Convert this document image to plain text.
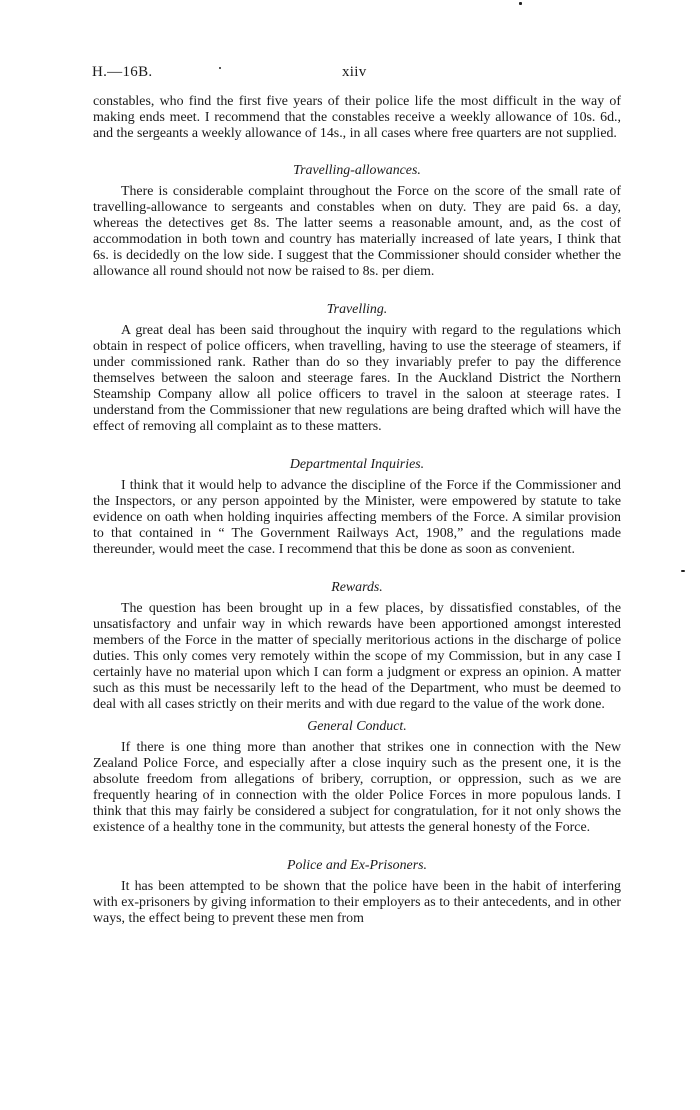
H.—16B.	xiiv

constables, who find the first five years of their police life the most difficult in the way of making ends meet. I recommend that the constables receive a weekly allowance of 10s. 6d., and the sergeants a weekly allowance of 14s., in all cases where free quarters are not supplied.

Travelling-allowances.

There is considerable complaint throughout the Force on the score of the small rate of travelling-allowance to sergeants and constables when on duty. They are paid 6s. a day, whereas the detectives get 8s. The latter seems a reasonable amount, and, as the cost of accommodation in both town and country has materially increased of late years, I think that 6s. is decidedly on the low side. I suggest that the Commissioner should consider whether the allowance all round should not now be raised to 8s. per diem.

Travelling.

A great deal has been said throughout the inquiry with regard to the regulations which obtain in respect of police officers, when travelling, having to use the steerage of steamers, if under commissioned rank. Rather than do so they invariably prefer to pay the difference themselves between the saloon and steerage fares. In the Auckland District the Northern Steamship Company allow all police officers to travel in the saloon at steerage rates. I understand from the Commissioner that new regulations are being drafted which will have the effect of removing all complaint as to these matters.

Departmental Inquiries.

I think that it would help to advance the discipline of the Force if the Commissioner and the Inspectors, or any person appointed by the Minister, were empowered by statute to take evidence on oath when holding inquiries affecting members of the Force. A similar provision to that contained in “ The Government Railways Act, 1908,” and the regulations made thereunder, would meet the case. I recommend that this be done as soon as convenient.

Rewards.

The question has been brought up in a few places, by dissatisfied constables, of the unsatisfactory and unfair way in which rewards have been apportioned amongst interested members of the Force in the matter of specially meritorious actions in the discharge of police duties. This only comes very remotely within the scope of my Commission, but in any case I certainly have no material upon which I can form a judgment or express an opinion. A matter such as this must be necessarily left to the head of the Department, who must be deemed to deal with all cases strictly on their merits and with due regard to the value of the work done.

General Conduct.

If there is one thing more than another that strikes one in connection with the New Zealand Police Force, and especially after a close inquiry such as the present one, it is the absolute freedom from allegations of bribery, corruption, or oppression, such as we are frequently hearing of in connection with the older Police Forces in more populous lands. I think that this may fairly be considered a subject for congratulation, for it not only shows the existence of a healthy tone in the community, but attests the general honesty of the Force.

Police and Ex-Prisoners.

It has been attempted to be shown that the police have been in the habit of interfering with ex-prisoners by giving information to their employers as to their antecedents, and in other ways, the effect being to prevent these men from
